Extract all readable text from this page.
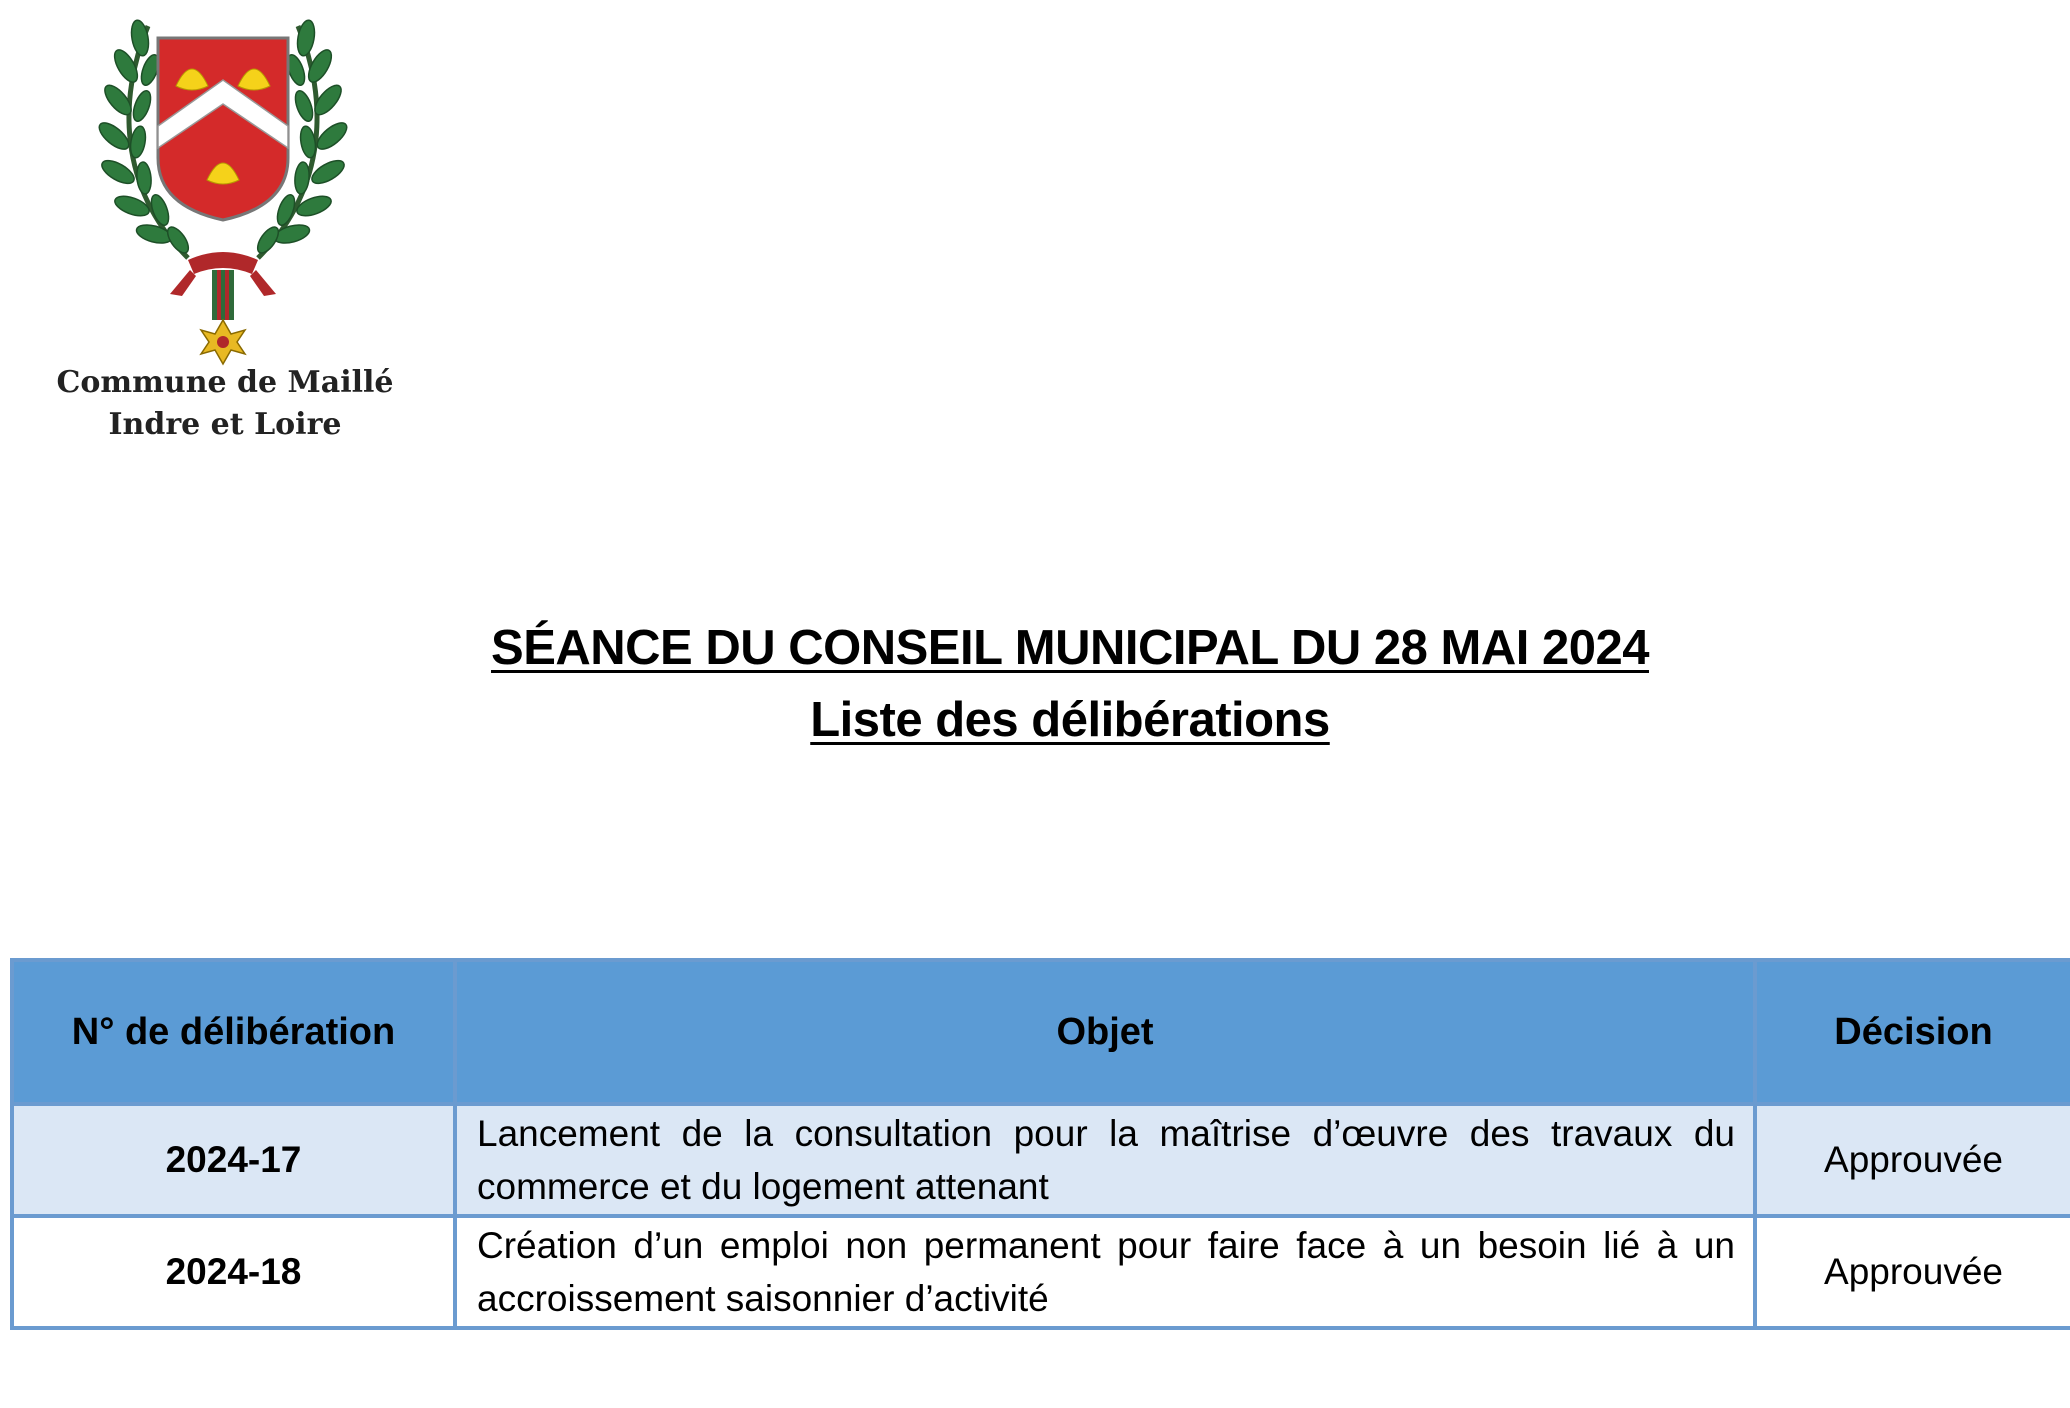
Commune de Maillé
Indre et Loire
SÉANCE DU CONSEIL MUNICIPAL DU 28 MAI 2024
Liste des délibérations
N° de délibération	Objet	Décision
2024-17	Lancement de la consultation pour la maîtrise d’œuvre des travaux du commerce et du logement attenant	Approuvée
2024-18	Création d’un emploi non permanent pour faire face à un besoin lié à un accroissement saisonnier d’activité	Approuvée
